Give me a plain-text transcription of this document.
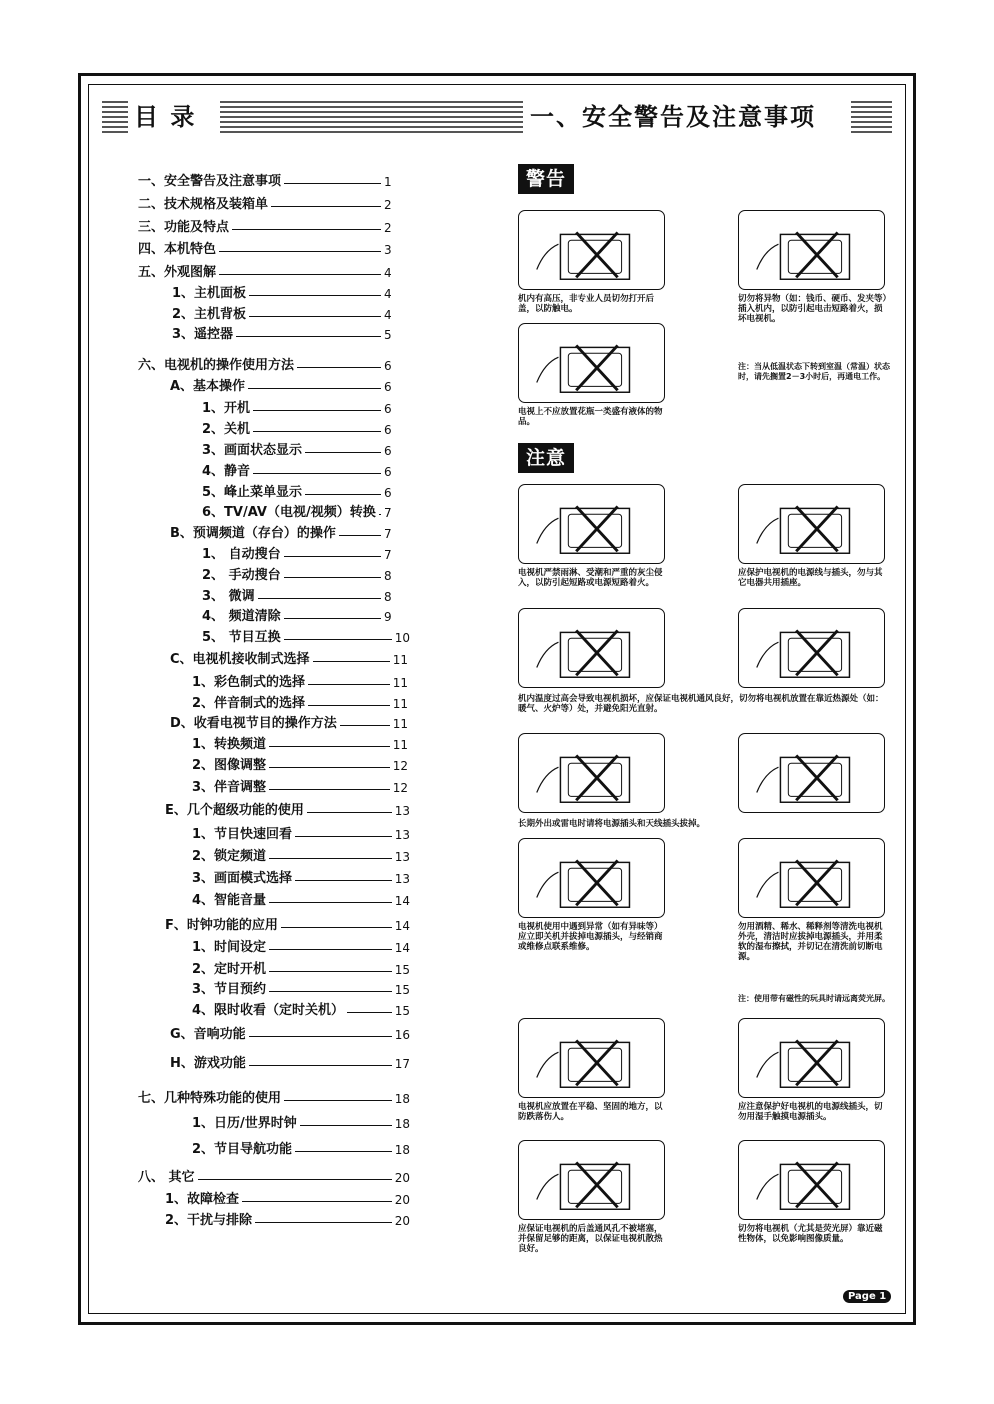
目 录	一、安全警告及注意事项
一、安全警告及注意事项	1
二、技术规格及装箱单	2
三、功能及特点	2
四、本机特色	3
五、外观图解	4
1、主机面板	4
2、主机背板	4
3、遥控器	5
六、电视机的操作使用方法	6
A、基本操作	6
1、开机	6
2、关机	6
3、画面状态显示	6
4、静音	6
5、峰止菜单显示	6
6、TV/AV（电视/视频）转换 7
B、预调频道（存台）的操作	7
1、 自动搜台	7
2、 手动搜台	8
3、 微调	8
4、 频道清除	9
5、 节目互换	10
C、电视机接收制式选择	11
1、彩色制式的选择	11
2、伴音制式的选择	11
D、收看电视节目的操作方法	11
1、转换频道	11
2、图像调整	12
3、伴音调整	12
E、几个超级功能的使用	13
1、节目快速回看	13
2、锁定频道	13
3、画面模式选择	13
4、智能音量	14
F、时钟功能的应用	14
1、时间设定	14
2、定时开机	15
3、节目预约	15
4、限时收看（定时关机）	15
G、音响功能	16
H、游戏功能	17
七、几种特殊功能的使用	18
1、日历/世界时钟	18
2、节目导航功能	18
八、 其它	20
1、故障检查	20
2、干扰与排除	20
警告
注意
机内有高压，非专业人员切勿打开后盖，以防触电。
切勿将异物（如：钱币、硬币、发夹等）插入机内，以防引起电击短路着火，损坏电视机。
电视上不应放置花瓶一类盛有液体的物品。
注：当从低温状态下转到室温（常温）状态时，请先搁置2－3小时后，再通电工作。
电视机严禁雨淋、受潮和严重的灰尘侵入，以防引起短路或电源短路着火。
应保护电视机的电源线与插头，勿与其它电器共用插座。
机内温度过高会导致电视机损坏，应保证电视机通风良好，切勿将电视机放置在靠近热源处（如：暖气、火炉等）处，并避免阳光直射。
长期外出或雷电时请将电源插头和天线插头拔掉。
电视机使用中遇到异常（如有异味等）应立即关机并拔掉电源插头，与经销商或维修点联系维修。
勿用酒精、稀水、稀释剂等清洗电视机外壳，清洁时应拔掉电源插头，并用柔软的湿布擦拭，并切记在清洗前切断电源。
注：使用带有磁性的玩具时请远离荧光屏。
电视机应放置在平稳、坚固的地方，以防跌落伤人。
应注意保护好电视机的电源线插头，切勿用湿手触摸电源插头。
应保证电视机的后盖通风孔不被堵塞，并保留足够的距离，以保证电视机散热良好。
切勿将电视机（尤其是荧光屏）靠近磁性物体，以免影响图像质量。
Page 1
